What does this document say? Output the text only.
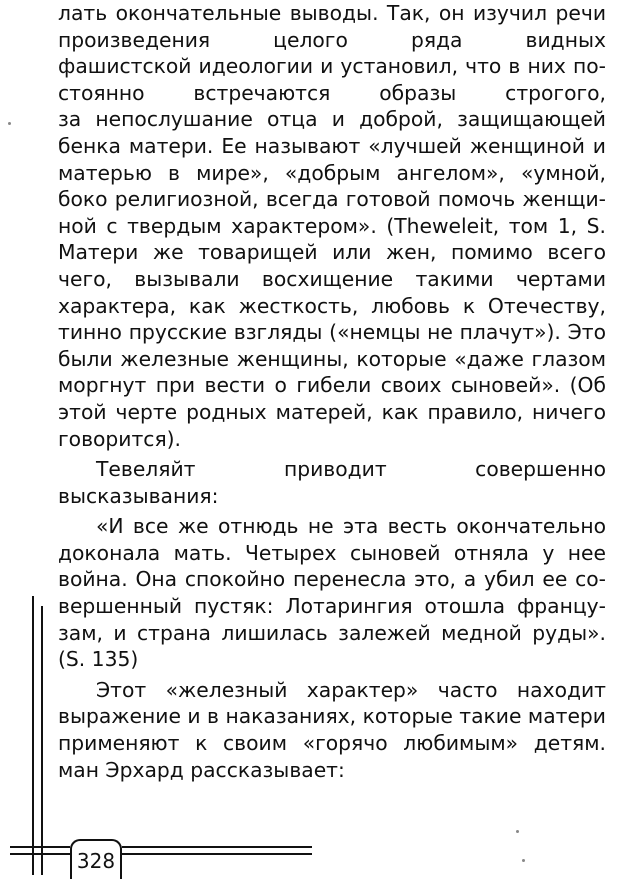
лать окончательные выводы. Так, он изучил речи
произведения целого ряда видных
фашистской идеологии и установил, что в них по-
стоянно встречаются образы строгого,
за непослушание отца и доброй, защищающей
бенка матери. Ее называют «лучшей женщиной и
матерью в мире», «добрым ангелом», «умной,
боко религиозной, всегда готовой помочь женщи-
ной с твердым характером». (Theweleit, том 1, S.
Матери же товарищей или жен, помимо всего
чего, вызывали восхищение такими чертами
характера, как жесткость, любовь к Отечеству,
тинно прусские взгляды («немцы не плачут»). Это
были железные женщины, которые «даже глазом
моргнут при вести о гибели своих сыновей». (Об
этой черте родных матерей, как правило, ничего
говорится).
Тевеляйт приводит совершенно
высказывания:
«И все же отнюдь не эта весть окончательно
доконала мать. Четырех сыновей отняла у нее
война. Она спокойно перенесла это, а убил ее со-
вершенный пустяк: Лотарингия отошла францу-
зам, и страна лишилась залежей медной руды».
(S. 135)
Этот «железный характер» часто находит
выражение и в наказаниях, которые такие матери
применяют к своим «горячо любимым» детям.
ман Эрхард рассказывает:
328
